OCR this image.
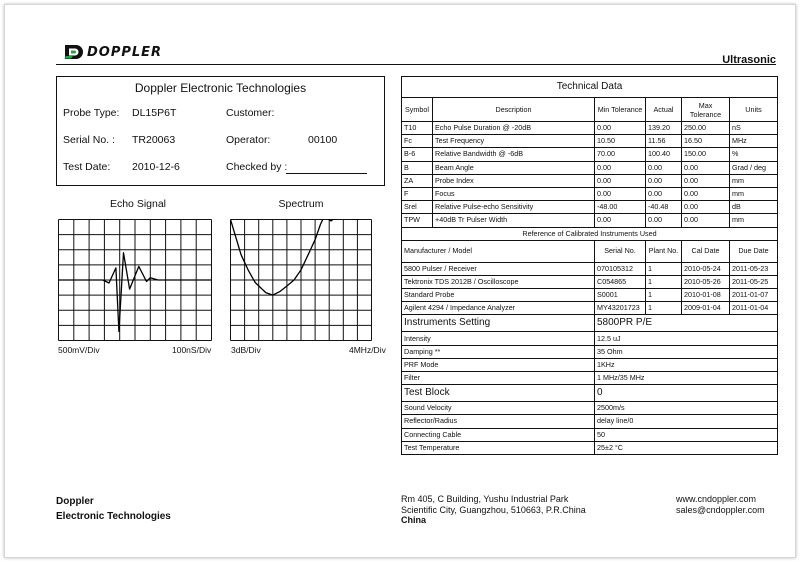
DOPPLER
Ultrasonic
Doppler Electronic Technologies
Probe Type: DL15P6T	Customer:
Serial No. : TR20063	Operator:	00100
Test Date: 2010-12-6	Checked by :
Echo Signal
500mV/Div	100nS/Div
Spectrum
3dB/Div	4MHz/Div
Technical Data					
Symbol	Description	Min Tolerance	Actual	Max Tolerance	Units
T10	Echo Pulse Duration @ -20dB	0.00	139.20	250.00	nS
Fc	Test Frequency	10.50	11.56	16.50	MHz
B-6	Relative Bandwidth @ -6dB	70.00	100.40	150.00	%
B	Beam Angle	0.00	0.00	0.00	Grad / deg
ZA	Probe Index	0.00	0.00	0.00	mm
F	Focus	0.00	0.00	0.00	mm
Srel	Relative Pulse-echo Sensitivity	-48.00	-40.48	0.00	dB
TPW	+40dB Tr Pulser Width	0.00	0.00	0.00	mm
Reference of Calibrated Instruments Used					
Manufacturer / Model		Serial No.	Plant No.	Cal Date	Due Date
5800 Pulser / Receiver		070105312	1	2010-05-24	2011-05-23
Tektronix TDS 2012B / Oscilloscope		C054865	1	2010-05-26	2011-05-25
Standard Probe		S0001	1	2010-01-08	2011-01-07
Agilent 4294 / Impedance Analyzer		MY43201723	1	2009-01-04	2011-01-04
Instruments Setting		5800PR P/E			
Intensity		12.5 uJ			
Damping **		35 Ohm			
PRF Mode		1KHz			
Filter		1 MHz/35 MHz			
Test Block		0			
Sound Velocity		2500m/s			
Reflector/Radius		delay line/0			
Connecting Cable		50			
Test Temperature		25±2 °C			
Doppler
Electronic Technologies
Rm 405, C Building, Yushu Industrial Park
Scientific City, Guangzhou, 510663, P.R.China
China
www.cndoppler.com
sales@cndoppler.com
